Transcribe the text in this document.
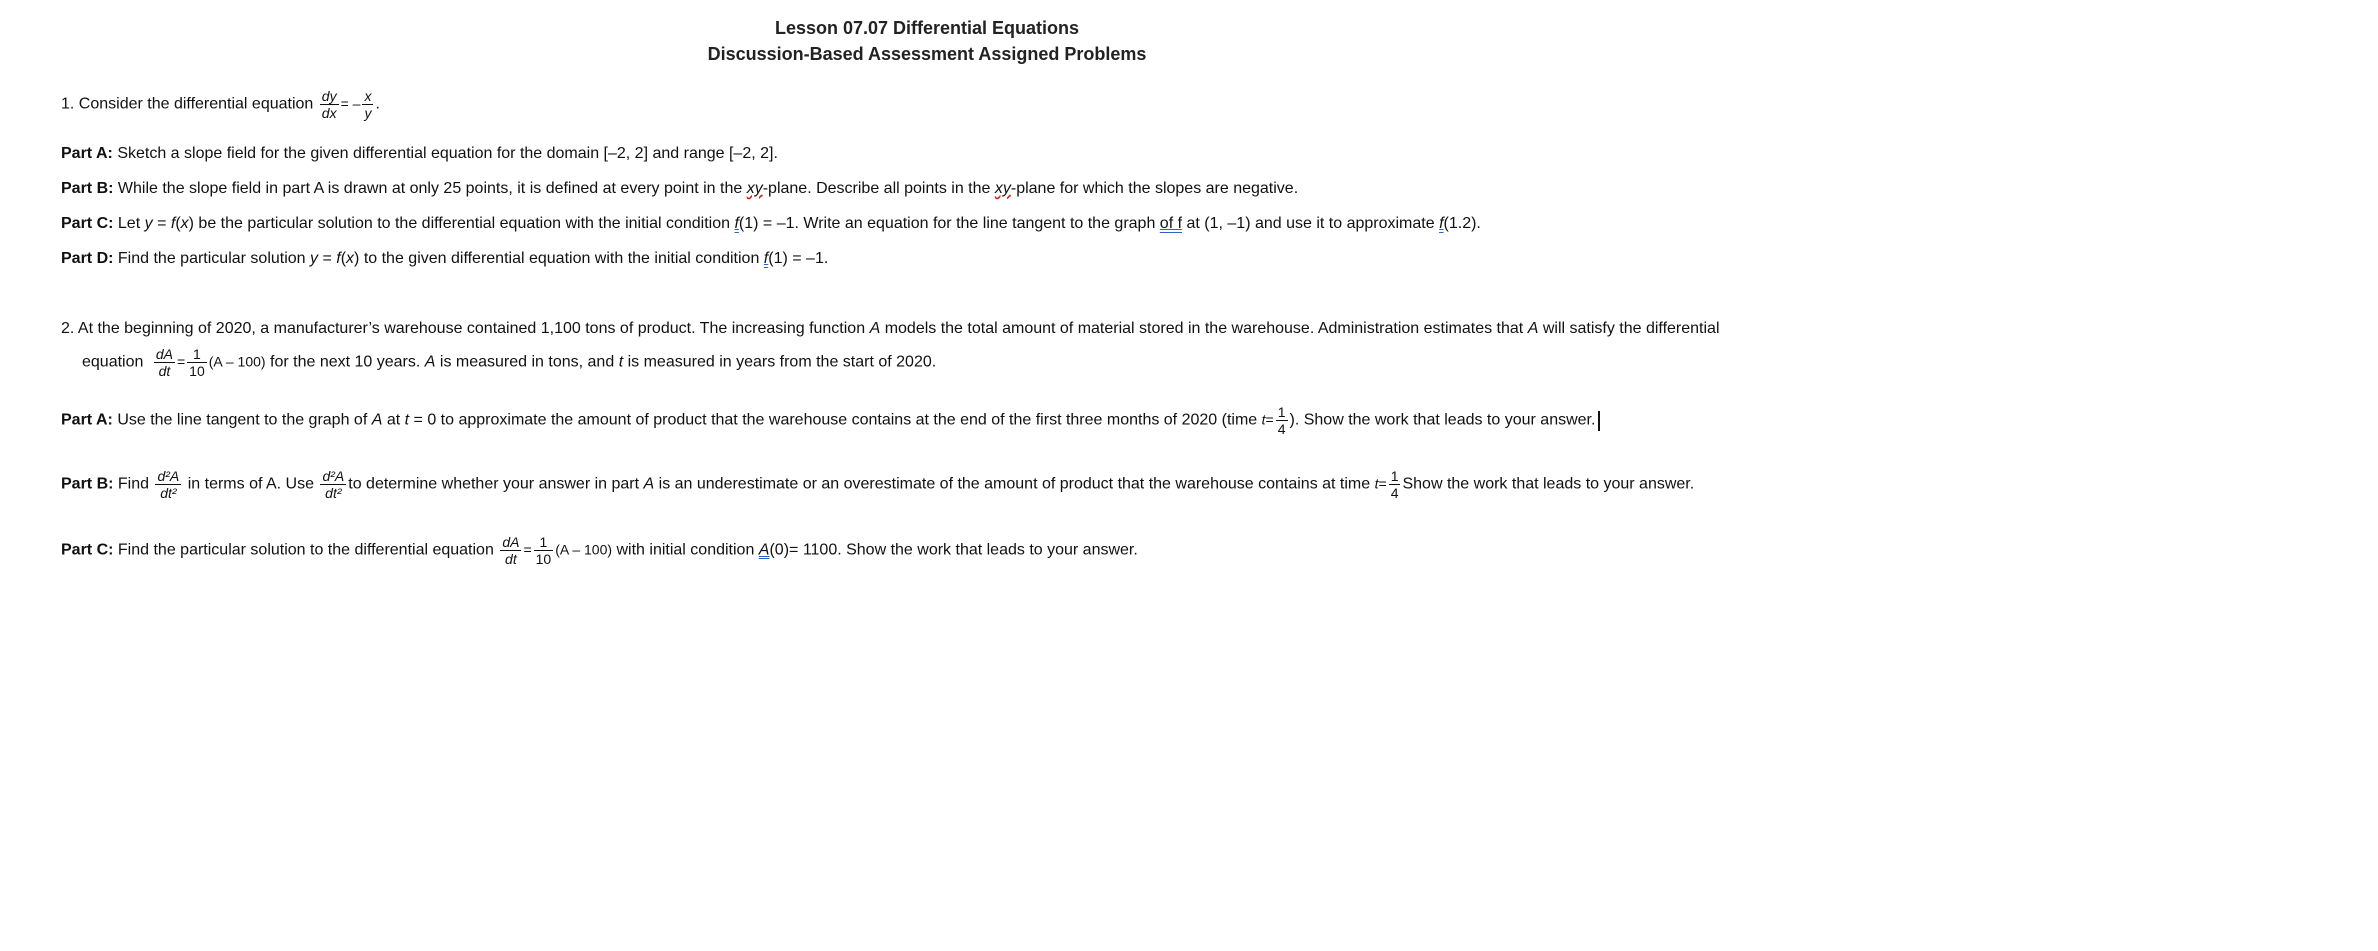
Lesson 07.07 Differential Equations
Discussion-Based Assessment Assigned Problems
1. Consider the differential equation $\frac{dy}{dx}$ = – $\frac{x}{y}$ .
Part A: Sketch a slope field for the given differential equation for the domain [–2, 2] and range [–2, 2].
Part B: While the slope field in part A is drawn at only 25 points, it is defined at every point in the xy-plane. Describe all points in the xy-plane for which the slopes are negative.
Part C: Let y = f(x) be the particular solution to the differential equation with the initial condition f(1) = –1. Write an equation for the line tangent to the graph of f at (1, –1) and use it to approximate f(1.2).
Part D: Find the particular solution y = f(x) to the given differential equation with the initial condition f(1) = –1.
2. At the beginning of 2020, a manufacturer’s warehouse contained 1,100 tons of product. The increasing function A models the total amount of material stored in the warehouse. Administration estimates that A will satisfy the differential
equation $\frac{dA}{dt} = \frac{1}{10} (A - 100)$ for the next 10 years. A is measured in tons, and t is measured in years from the start of 2020.
Part A: Use the line tangent to the graph of A at t = 0 to approximate the amount of product that the warehouse contains at the end of the first three months of 2020 (time $t= \frac{1}{4}$ ). Show the work that leads to your answer.
Part B: Find $\frac{\text{d²A}}{\text{dt²}}$ in terms of A. Use $\frac{\text{d²A}}{\text{dt²}}$ to determine whether your answer in part A is an underestimate or an overestimate of the amount of product that the warehouse contains at time $t= \frac{1}{4}$ Show the work that leads to your answer.
Part C: Find the particular solution to the differential equation $\frac{dA}{dt} = \frac{1}{10} (A - 100)$ with initial condition A(0)= 1100. Show the work that leads to your answer.
